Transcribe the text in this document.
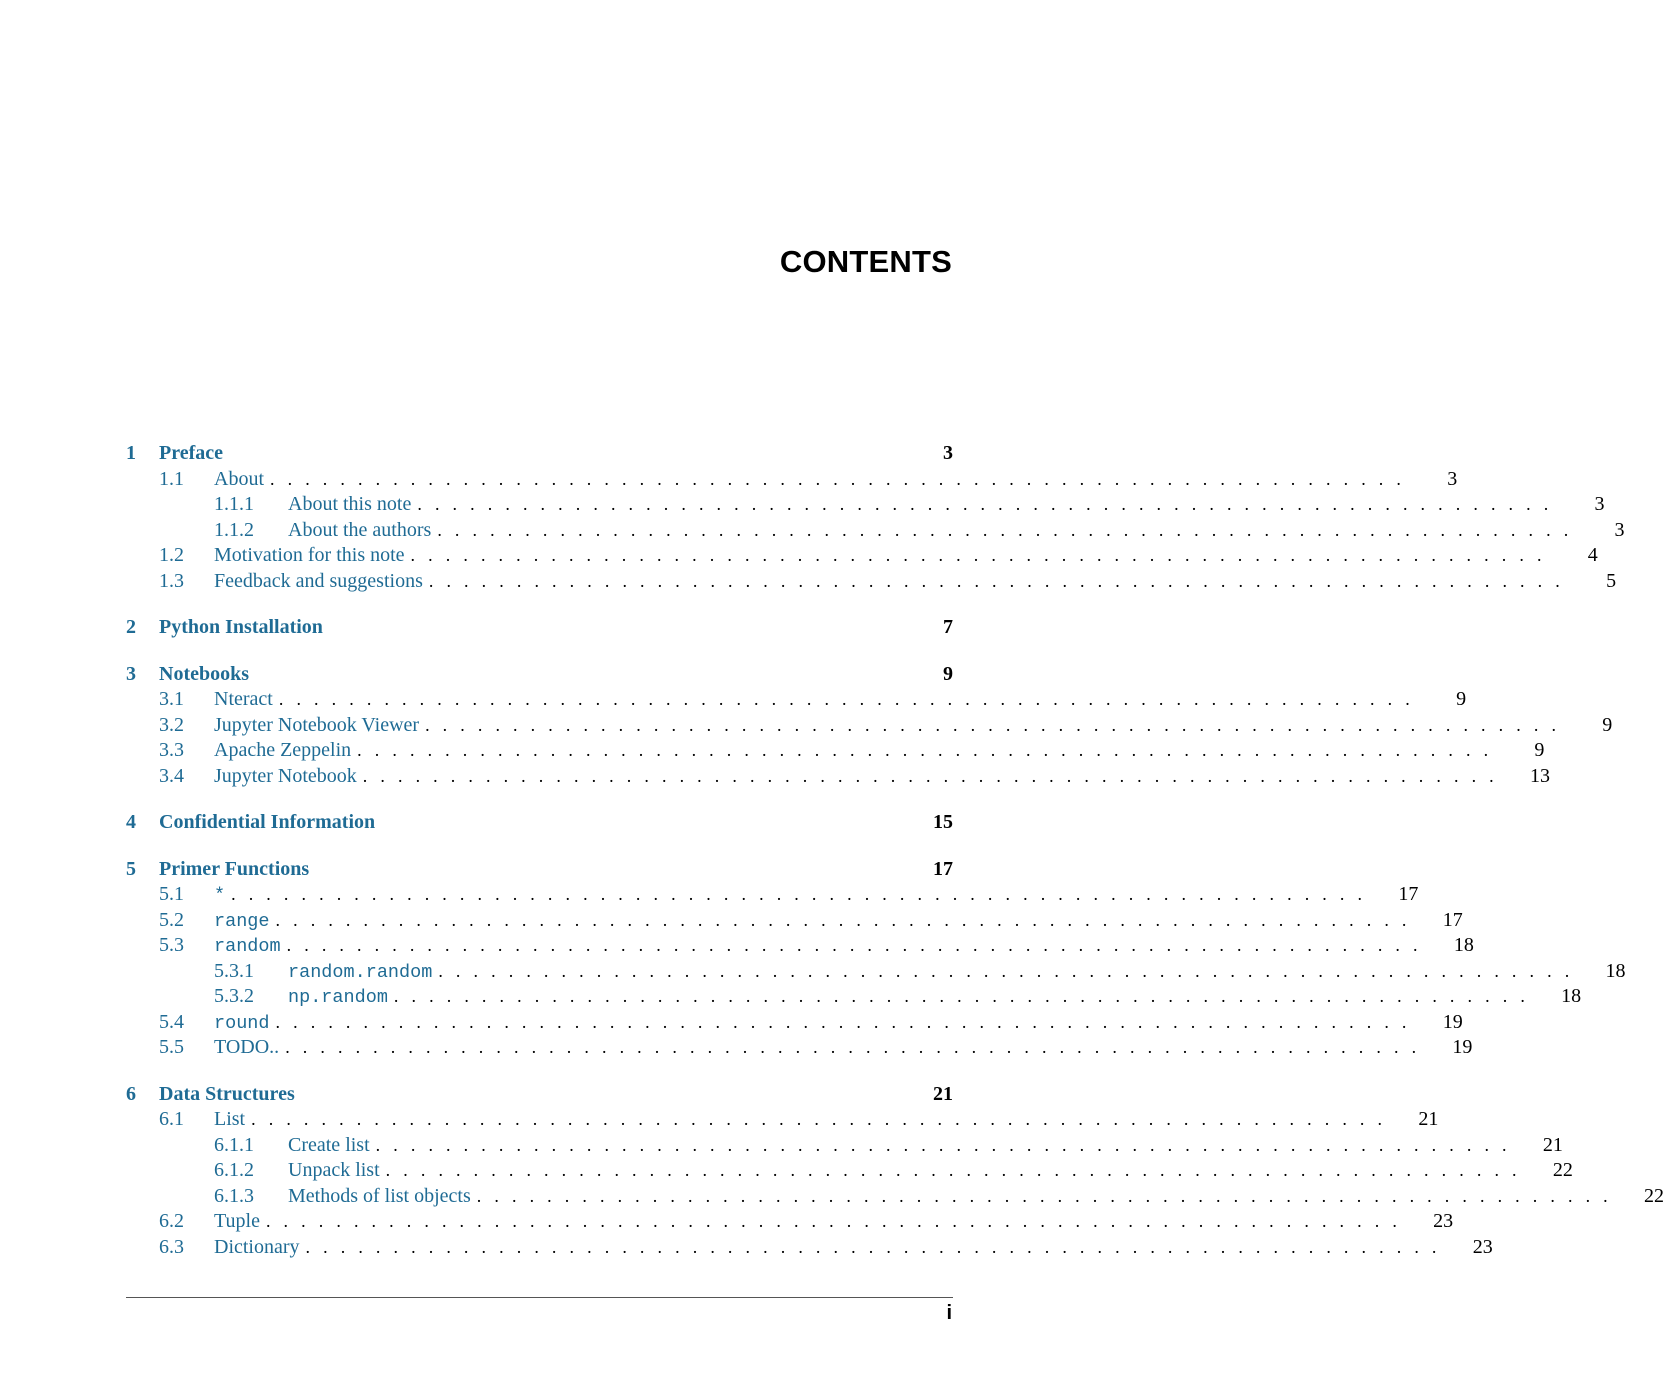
CONTENTS
1	Preface	3
1.1	About . . . . . . . . . . . . . . . . . . . . . . . . . . . . . . . . . . . . . . . . . . . . . . . . . . . . . . . . . . . . . . . . .	3
1.1.1	About this note . . . . . . . . . . . . . . . . . . . . . . . . . . . . . . . . . . . . . . . . . . . . . . . . . . . . . . . . . . . . . . . . .	3
1.1.2	About the authors . . . . . . . . . . . . . . . . . . . . . . . . . . . . . . . . . . . . . . . . . . . . . . . . . . . . . . . . . . . . . . . . .	3
1.2	Motivation for this note . . . . . . . . . . . . . . . . . . . . . . . . . . . . . . . . . . . . . . . . . . . . . . . . . . . . . . . . . . . . . . . . .	4
1.3	Feedback and suggestions . . . . . . . . . . . . . . . . . . . . . . . . . . . . . . . . . . . . . . . . . . . . . . . . . . . . . . . . . . . . . . . . .	5
2	Python Installation	7
3	Notebooks	9
3.1	Nteract . . . . . . . . . . . . . . . . . . . . . . . . . . . . . . . . . . . . . . . . . . . . . . . . . . . . . . . . . . . . . . . . .	9
3.2	Jupyter Notebook Viewer . . . . . . . . . . . . . . . . . . . . . . . . . . . . . . . . . . . . . . . . . . . . . . . . . . . . . . . . . . . . . . . . .	9
3.3	Apache Zeppelin . . . . . . . . . . . . . . . . . . . . . . . . . . . . . . . . . . . . . . . . . . . . . . . . . . . . . . . . . . . . . . . . .	9
3.4	Jupyter Notebook . . . . . . . . . . . . . . . . . . . . . . . . . . . . . . . . . . . . . . . . . . . . . . . . . . . . . . . . . . . . . . . . . 13
4	Confidential Information	15
5	Primer Functions	17
5.1	* . . . . . . . . . . . . . . . . . . . . . . . . . . . . . . . . . . . . . . . . . . . . . . . . . . . . . . . . . . . . . . . . . 17
5.2	range . . . . . . . . . . . . . . . . . . . . . . . . . . . . . . . . . . . . . . . . . . . . . . . . . . . . . . . . . . . . . . . . . 17
5.3	random . . . . . . . . . . . . . . . . . . . . . . . . . . . . . . . . . . . . . . . . . . . . . . . . . . . . . . . . . . . . . . . . . 18
5.3.1	random.random . . . . . . . . . . . . . . . . . . . . . . . . . . . . . . . . . . . . . . . . . . . . . . . . . . . . . . . . . . . . . . . . . 18
5.3.2	np.random . . . . . . . . . . . . . . . . . . . . . . . . . . . . . . . . . . . . . . . . . . . . . . . . . . . . . . . . . . . . . . . . . 18
5.4	round . . . . . . . . . . . . . . . . . . . . . . . . . . . . . . . . . . . . . . . . . . . . . . . . . . . . . . . . . . . . . . . . . 19
5.5	TODO.. . . . . . . . . . . . . . . . . . . . . . . . . . . . . . . . . . . . . . . . . . . . . . . . . . . . . . . . . . . . . . . . . . 19
6	Data Structures	21
6.1	List . . . . . . . . . . . . . . . . . . . . . . . . . . . . . . . . . . . . . . . . . . . . . . . . . . . . . . . . . . . . . . . . . 21
6.1.1	Create list . . . . . . . . . . . . . . . . . . . . . . . . . . . . . . . . . . . . . . . . . . . . . . . . . . . . . . . . . . . . . . . . . 21
6.1.2	Unpack list . . . . . . . . . . . . . . . . . . . . . . . . . . . . . . . . . . . . . . . . . . . . . . . . . . . . . . . . . . . . . . . . . 22
6.1.3	Methods of list objects . . . . . . . . . . . . . . . . . . . . . . . . . . . . . . . . . . . . . . . . . . . . . . . . . . . . . . . . . . . . . . . . . 22
6.2	Tuple . . . . . . . . . . . . . . . . . . . . . . . . . . . . . . . . . . . . . . . . . . . . . . . . . . . . . . . . . . . . . . . . . 23
6.3	Dictionary . . . . . . . . . . . . . . . . . . . . . . . . . . . . . . . . . . . . . . . . . . . . . . . . . . . . . . . . . . . . . . . . . 23
i
